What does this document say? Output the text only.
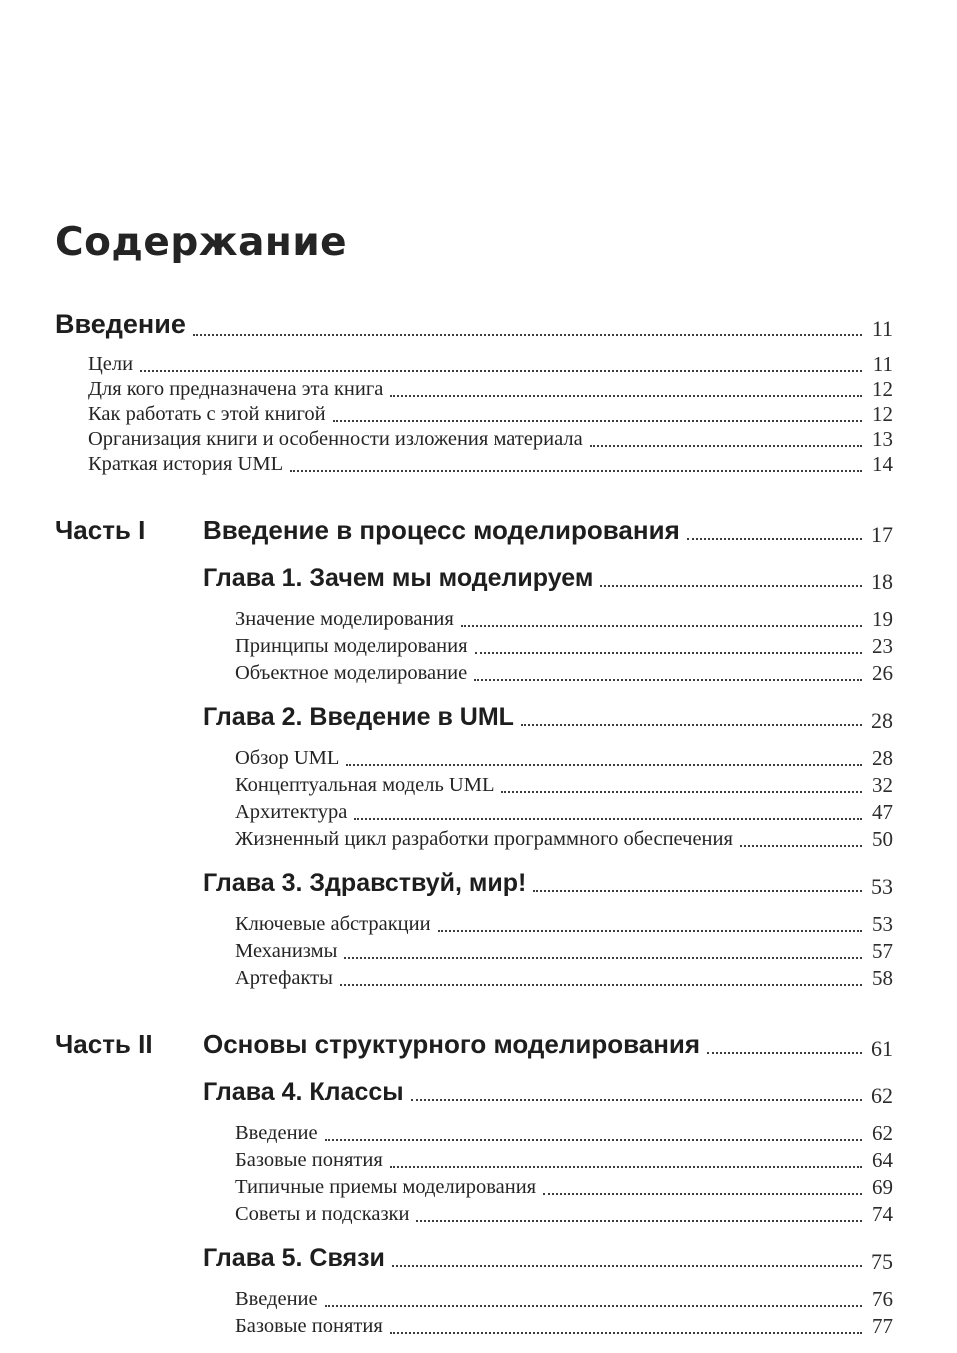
Содержание
Введение	11
Цели	11
Для кого предназначена эта книга	12
Как работать с этой книгой	12
Организация книги и особенности изложения материала	13
Краткая история UML	14
Часть I	Введение в процесс моделирования	17
Глава 1. Зачем мы моделируем	18
Значение моделирования	19
Принципы моделирования	23
Объектное моделирование	26
Глава 2. Введение в UML	28
Обзор UML	28
Концептуальная модель UML	32
Архитектура	47
Жизненный цикл разработки программного обеспечения	50
Глава 3. Здравствуй, мир!	53
Ключевые абстракции	53
Механизмы	57
Артефакты	58
Часть II	Основы структурного моделирования	61
Глава 4. Классы	62
Введение	62
Базовые понятия	64
Типичные приемы моделирования	69
Советы и подсказки	74
Глава 5. Связи	75
Введение	76
Базовые понятия	77
